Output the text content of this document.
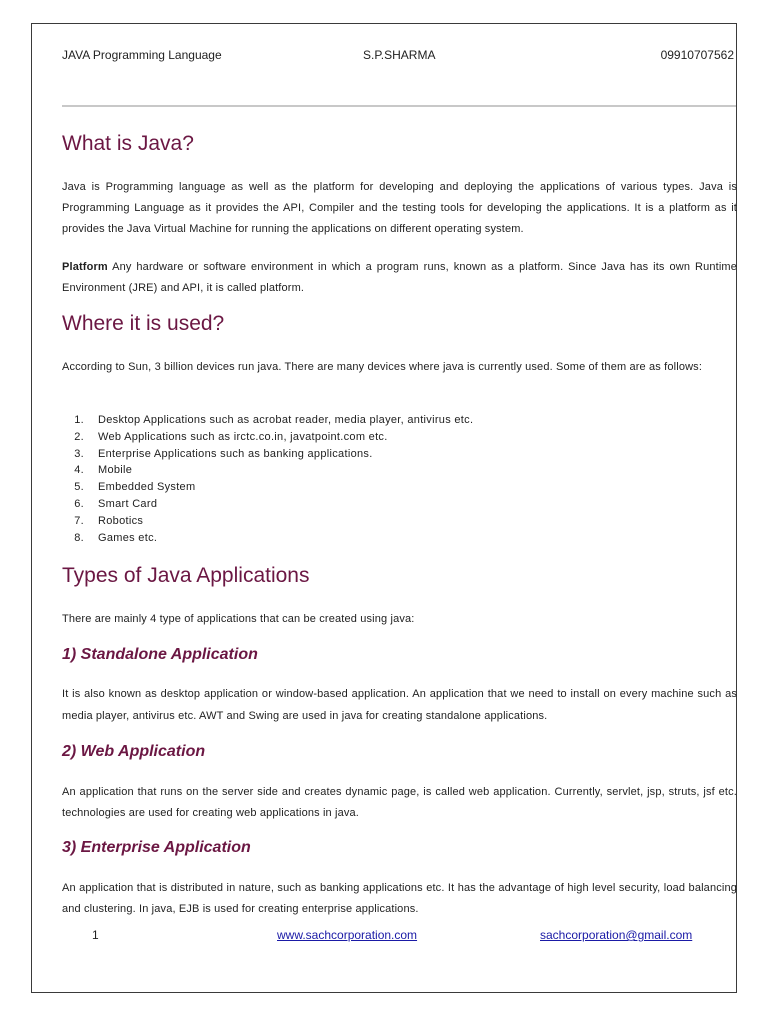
JAVA Programming Language	S.P.SHARMA	09910707562
What is Java?

Java is Programming language as well as the platform for developing and deploying the applications of various types. Java is Programming Language as it provides the API, Compiler and the testing tools for developing the applications. It is a platform as it provides the Java Virtual Machine for running the applications on different operating system.

Platform Any hardware or software environment in which a program runs, known as a platform. Since Java has its own Runtime Environment (JRE) and API, it is called platform.

Where it is used?

According to Sun, 3 billion devices run java. There are many devices where java is currently used. Some of them are as follows:

1. Desktop Applications such as acrobat reader, media player, antivirus etc.
2. Web Applications such as irctc.co.in, javatpoint.com etc.
3. Enterprise Applications such as banking applications.
4. Mobile
5. Embedded System
6. Smart Card
7. Robotics
8. Games etc.
Types of Java Applications

There are mainly 4 type of applications that can be created using java:

1) Standalone Application

It is also known as desktop application or window-based application. An application that we need to install on every machine such as media player, antivirus etc. AWT and Swing are used in java for creating standalone applications.

2) Web Application

An application that runs on the server side and creates dynamic page, is called web application. Currently, servlet, jsp, struts, jsf etc. technologies are used for creating web applications in java.

3) Enterprise Application

An application that is distributed in nature, such as banking applications etc. It has the advantage of high level security, load balancing and clustering. In java, EJB is used for creating enterprise applications.

1	www.sachcorporation.com	sachcorporation@gmail.com
